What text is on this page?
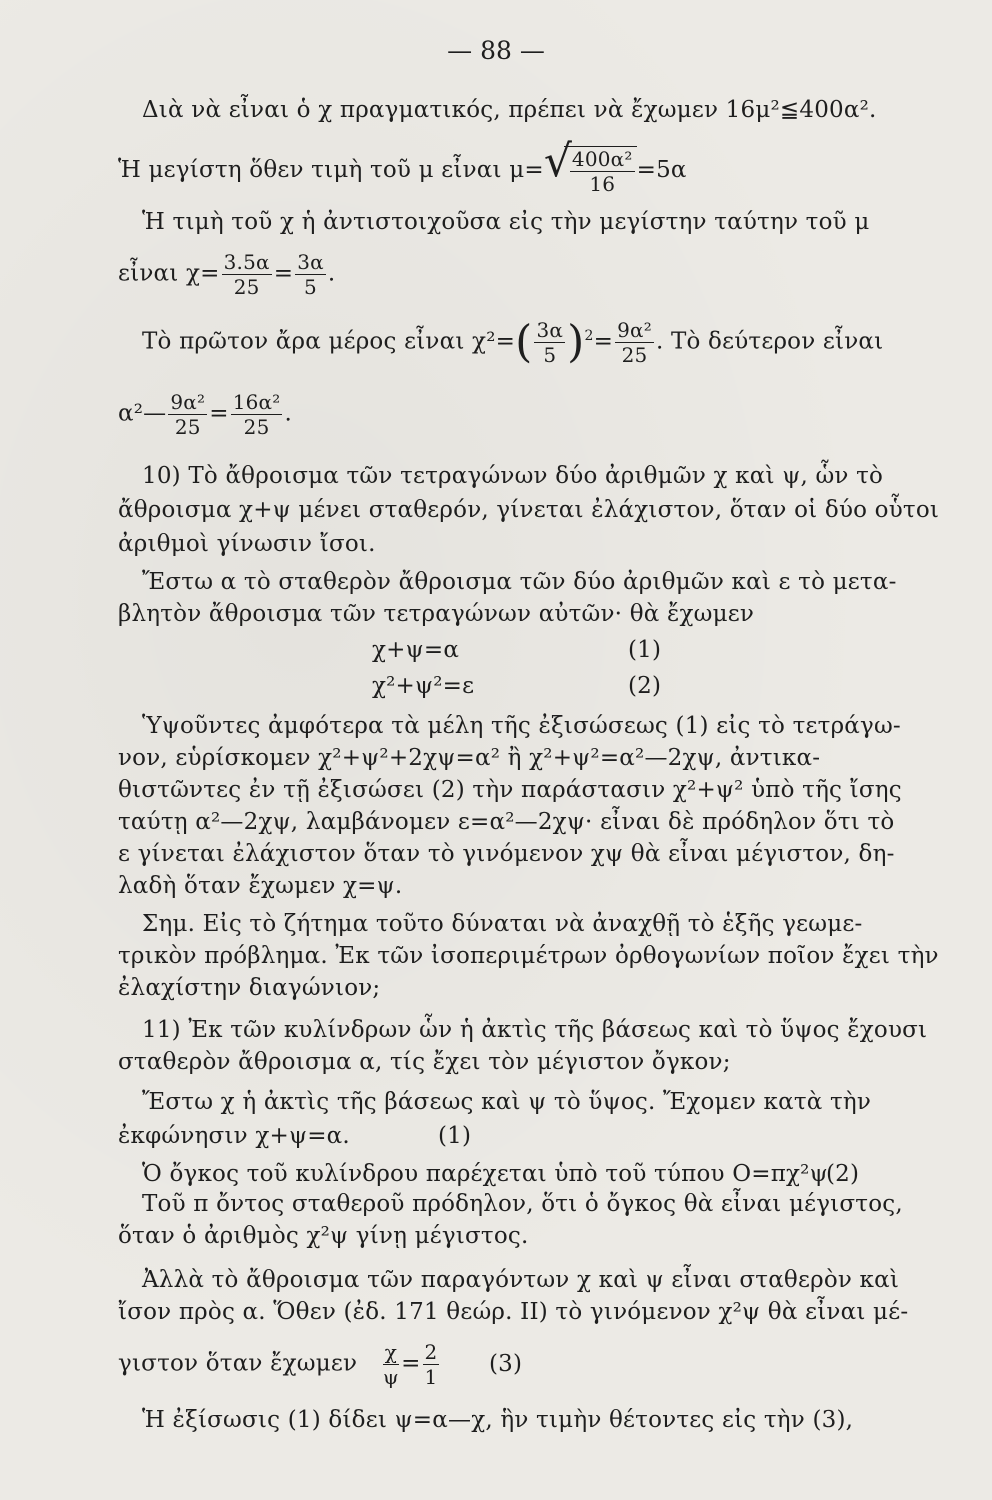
— 88 —
Διὰ νὰ εἶναι ὁ χ πραγματικός, πρέπει νὰ ἔχωμεν 16μ²≦400α².
Ἡ μεγίστη ὅθεν τιμὴ τοῦ μ εἶναι μ= √
$\frac{\text{400α²}}{16} =5\alpha$
Ἡ τιμὴ τοῦ χ ἡ ἀντιστοιχοῦσα εἰς τὴν μεγίστην ταύτην τοῦ μ
εἶναι $\chi= \frac{3.5\alpha}{25} = \frac{3\alpha}{5}$ .
Τὸ πρῶτον ἄρα μέρος εἶναι $\chi^2=( \frac{3\alpha}{5} )^2= \frac{\text{9α²}}{25}$ . Τὸ δεύτερον εἶναι
α²— $\frac{\text{9α²}}{25} = \frac{\text{16α²}}{25}$ .
10) Τὸ ἄθροισμα τῶν τετραγώνων δύο ἀριθμῶν χ καὶ ψ, ὧν τὸ
ἄθροισμα χ+ψ μένει σταθερόν, γίνεται ἐλάχιστον, ὅταν οἱ δύο οὗτοι
ἀριθμοὶ γίνωσιν ἴσοι.
Ἔστω α τὸ σταθερὸν ἄθροισμα τῶν δύο ἀριθμῶν καὶ ε τὸ μετα-
βλητὸν ἄθροισμα τῶν τετραγώνων αὐτῶν· θὰ ἔχωμεν
χ+ψ=α	(1)
χ²+ψ²=ε	(2)
Ὑψοῦντες ἀμφότερα τὰ μέλη τῆς ἐξισώσεως (1) εἰς τὸ τετράγω-
νον, εὑρίσκομεν χ²+ψ²+2χψ=α² ἢ χ²+ψ²=α²—2χψ, ἀντικα-
θιστῶντες ἐν τῇ ἐξισώσει (2) τὴν παράστασιν χ²+ψ² ὑπὸ τῆς ἴσης
ταύτῃ α²—2χψ, λαμβάνομεν ε=α²—2χψ· εἶναι δὲ πρόδηλον ὅτι τὸ
ε γίνεται ἐλάχιστον ὅταν τὸ γινόμενον χψ θὰ εἶναι μέγιστον, δη-
λαδὴ ὅταν ἔχωμεν χ=ψ.
Σημ. Εἰς τὸ ζήτημα τοῦτο δύναται νὰ ἀναχθῇ τὸ ἑξῆς γεωμε-
τρικὸν πρόβλημα. Ἐκ τῶν ἰσοπεριμέτρων ὀρθογωνίων ποῖον ἔχει τὴν
ἐλαχίστην διαγώνιον;
11) Ἐκ τῶν κυλίνδρων ὧν ἡ ἀκτὶς τῆς βάσεως καὶ τὸ ὕψος ἔχουσι
σταθερὸν ἄθροισμα α, τίς ἔχει τὸν μέγιστον ὄγκον;
Ἔστω χ ἡ ἀκτὶς τῆς βάσεως καὶ ψ τὸ ὕψος. Ἔχομεν κατὰ τὴν
ἐκφώνησιν χ+ψ=α.	(1)
Ὁ ὄγκος τοῦ κυλίνδρου παρέχεται ὑπὸ τοῦ τύπου Ο=πχ²ψ
(2)
Τοῦ π ὄντος σταθεροῦ πρόδηλον, ὅτι ὁ ὄγκος θὰ εἶναι μέγιστος,
ὅταν ὁ ἀριθμὸς χ²ψ γίνῃ μέγιστος.
Ἀλλὰ τὸ ἄθροισμα τῶν παραγόντων χ καὶ ψ εἶναι σταθερὸν καὶ
ἴσον πρὸς α. Ὅθεν (ἐδ. 171 θεώρ. II) τὸ γινόμενον χ²ψ θὰ εἶναι μέ-
γιστον ὅταν ἔχωμεν $\frac{\chi}{\psi} = \frac{2}{1} (3)$
Ἡ ἐξίσωσις (1) δίδει ψ=α—χ, ἣν τιμὴν θέτοντες εἰς τὴν (3),
